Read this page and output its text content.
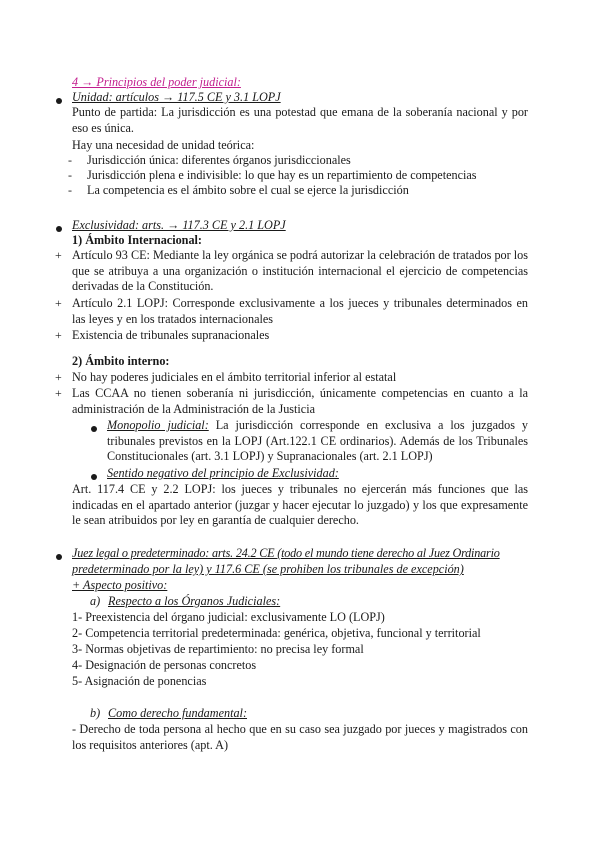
4 → Principios del poder judicial:
Unidad: artículos → 117.5 CE y 3.1 LOPJ
Punto de partida: La jurisdicción es una potestad que emana de la soberanía nacional y por eso es única.
Hay una necesidad de unidad teórica:
- Jurisdicción única: diferentes órganos jurisdiccionales
- Jurisdicción plena e indivisible: lo que hay es un repartimiento de competencias
- La competencia es el ámbito sobre el cual se ejerce la jurisdicción
Exclusividad: arts. → 117.3 CE y 2.1 LOPJ
1) Ámbito Internacional:
+ Artículo 93 CE: Mediante la ley orgánica se podrá autorizar la celebración de tratados por los que se atribuya a una organización o institución internacional el ejercicio de competencias derivadas de la Constitución.
+ Artículo 2.1 LOPJ: Corresponde exclusivamente a los jueces y tribunales determinados en las leyes y en los tratados internacionales
+ Existencia de tribunales supranacionales
2) Ámbito interno:
+ No hay poderes judiciales en el ámbito territorial inferior al estatal
+ Las CCAA no tienen soberanía ni jurisdicción, únicamente competencias en cuanto a la administración de la Administración de la Justicia
Monopolio judicial: La jurisdicción corresponde en exclusiva a los juzgados y tribunales previstos en la LOPJ (Art.122.1 CE ordinarios). Además de los Tribunales Constitucionales (art. 3.1 LOPJ) y Supranacionales (art. 2.1 LOPJ)
Sentido negativo del principio de Exclusividad:
Art. 117.4 CE y 2.2 LOPJ: los jueces y tribunales no ejercerán más funciones que las indicadas en el apartado anterior (juzgar y hacer ejecutar lo juzgado) y los que expresamente le sean atribuidos por ley en garantía de cualquier derecho.
Juez legal o predeterminado: arts. 24.2 CE (todo el mundo tiene derecho al Juez Ordinario
predeterminado por la ley) y 117.6 CE (se prohiben los tribunales de excepción)
+ Aspecto positivo:
a) Respecto a los Órganos Judiciales:
1- Preexistencia del órgano judicial: exclusivamente LO (LOPJ)
2- Competencia territorial predeterminada: genérica, objetiva, funcional y territorial
3- Normas objetivas de repartimiento: no precisa ley formal
4- Designación de personas concretos
5- Asignación de ponencias
b) Como derecho fundamental:
- Derecho de toda persona al hecho que en su caso sea juzgado por jueces y magistrados con los requisitos anteriores (apt. A)
